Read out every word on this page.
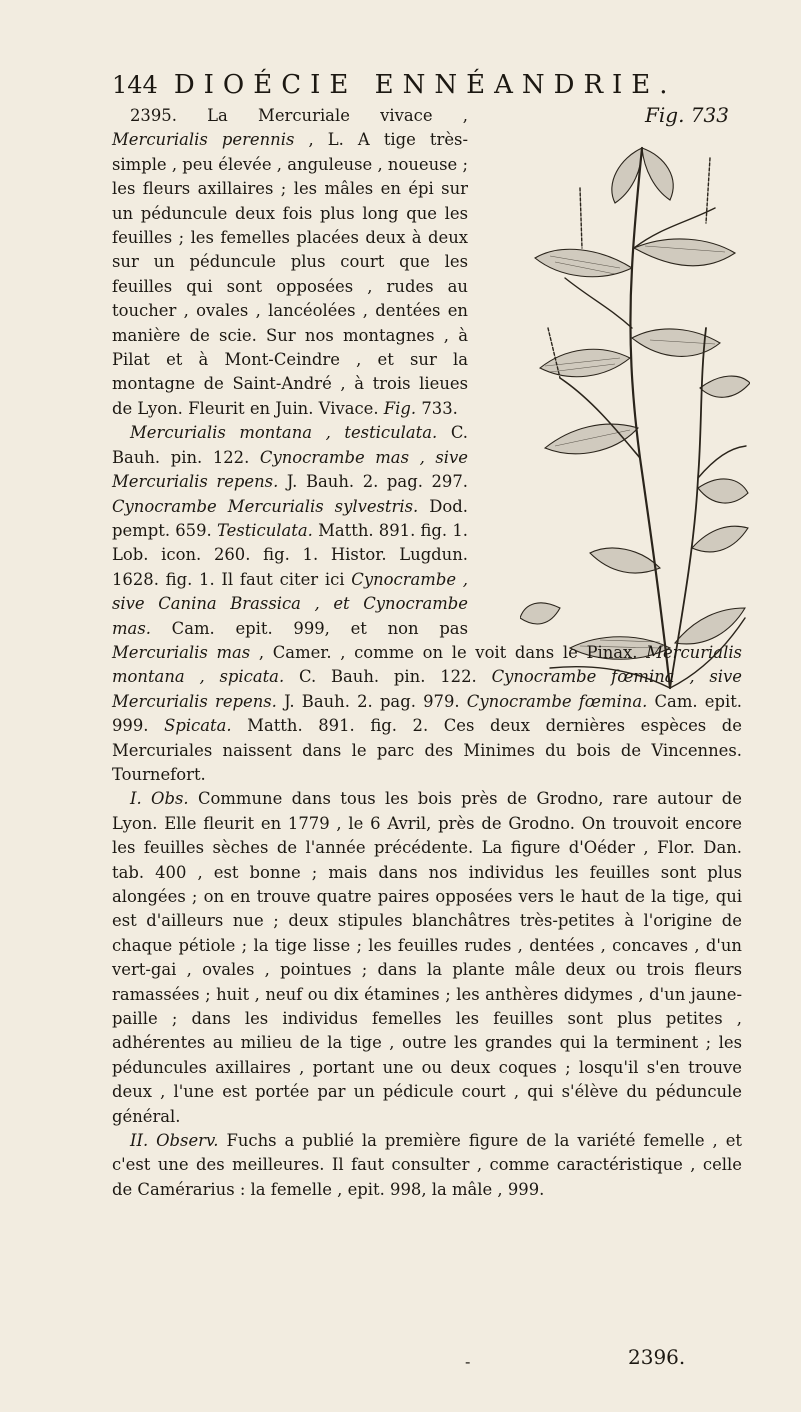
144 DIOÉCIE ENNÉANDRIE.
Fig. 733

2395. La Mercuriale vivace , Mercurialis perennis , L. A tige très-simple , peu élevée , anguleuse , noueuse ; les fleurs axillaires ; les mâles en épi sur un péduncule deux fois plus long que les feuilles ; les femelles placées deux à deux sur un péduncule plus court que les feuilles qui sont opposées , rudes au toucher , ovales , lancéolées , dentées en manière de scie. Sur nos montagnes , à Pilat et à Mont-Ceindre , et sur la montagne de Saint-André , à trois lieues de Lyon. Fleurit en Juin. Vivace. Fig. 733.

Mercurialis montana , testiculata. C. Bauh. pin. 122. Cynocrambe mas , sive Mercurialis repens. J. Bauh. 2. pag. 297. Cynocrambe Mercurialis sylvestris. Dod. pempt. 659. Testiculata. Matth. 891. fig. 1. Lob. icon. 260. fig. 1. Histor. Lugdun. 1628. fig. 1. Il faut citer ici Cynocrambe , sive Canina Brassica , et Cynocrambe mas. Cam. epit. 999, et non pas Mercurialis mas , Camer. , comme on le voit dans le Pinax. Mercurialis montana , spicata. C. Bauh. pin. 122. Cynocrambe fœmina , sive Mercurialis repens. J. Bauh. 2. pag. 979. Cynocrambe fœmina. Cam. epit. 999. Spicata. Matth. 891. fig. 2. Ces deux dernières espèces de Mercuriales naissent dans le parc des Minimes du bois de Vincennes. Tournefort.

I. Obs. Commune dans tous les bois près de Grodno, rare autour de Lyon. Elle fleurit en 1779 , le 6 Avril, près de Grodno. On trouvoit encore les feuilles sèches de l'année précédente. La figure d'Oéder , Flor. Dan. tab. 400 , est bonne ; mais dans nos individus les feuilles sont plus alongées ; on en trouve quatre paires opposées vers le haut de la tige, qui est d'ailleurs nue ; deux stipules blanchâtres très-petites à l'origine de chaque pétiole ; la tige lisse ; les feuilles rudes , dentées , concaves , d'un vert-gai , ovales , pointues ; dans la plante mâle deux ou trois fleurs ramassées ; huit , neuf ou dix étamines ; les anthères didymes , d'un jaune-paille ; dans les individus femelles les feuilles sont plus petites , adhérentes au milieu de la tige , outre les grandes qui la terminent ; les péduncules axillaires , portant une ou deux coques ; losqu'il s'en trouve deux , l'une est portée par un pédicule court , qui s'élève du péduncule général.

II. Observ. Fuchs a publié la première figure de la variété femelle , et c'est une des meilleures. Il faut consulter , comme caractéristique , celle de Camérarius : la femelle , epit. 998, la mâle , 999.

-	2396.
